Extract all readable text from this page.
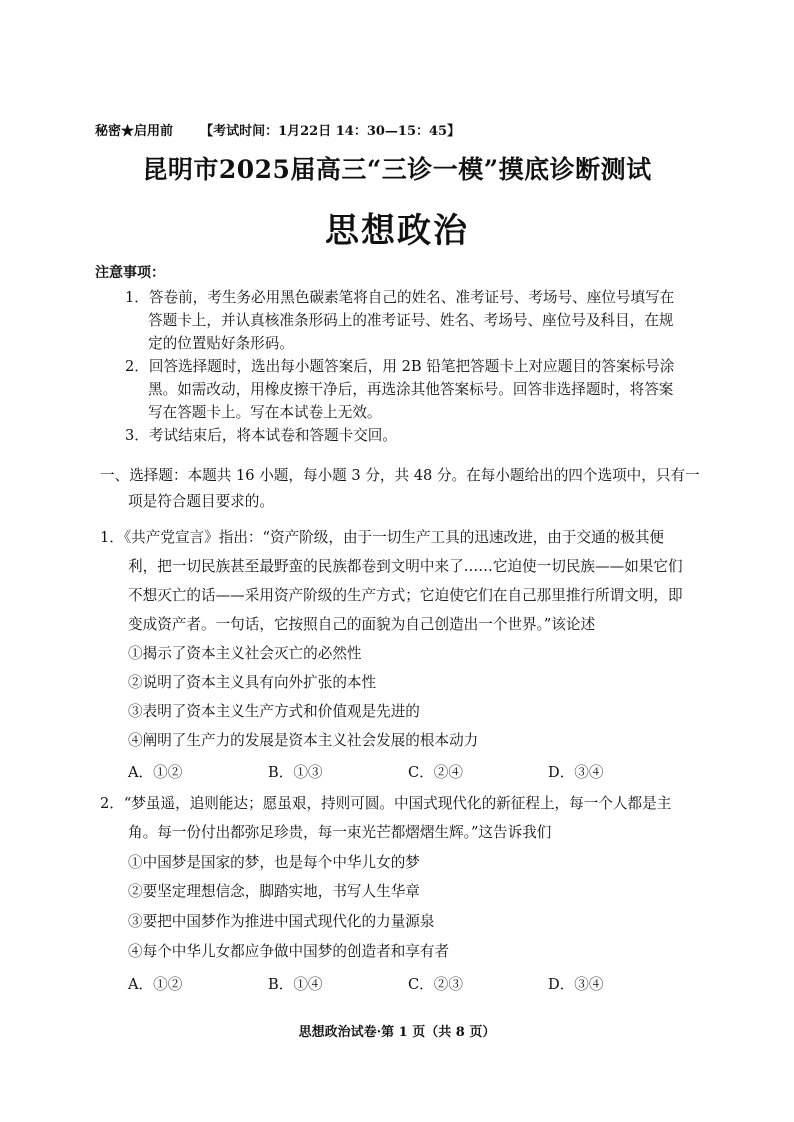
秘密★启用前 【考试时间：1月22日 14：30—15：45】
昆明市2025届高三“三诊一模”摸底诊断测试
思想政治
注意事项：
1．答卷前，考生务必用黑色碳素笔将自己的姓名、准考证号、考场号、座位号填写在
答题卡上，并认真核准条形码上的准考证号、姓名、考场号、座位号及科目，在规
定的位置贴好条形码。
2．回答选择题时，选出每小题答案后，用 2B 铅笔把答题卡上对应题目的答案标号涂
黑。如需改动，用橡皮擦干净后，再选涂其他答案标号。回答非选择题时，将答案
写在答题卡上。写在本试卷上无效。
3．考试结束后，将本试卷和答题卡交回。
一、选择题：本题共 16 小题，每小题 3 分，共 48 分。在每小题给出的四个选项中，只有一
项是符合题目要求的。
1．《共产党宣言》指出：“资产阶级，由于一切生产工具的迅速改进，由于交通的极其便
利，把一切民族甚至最野蛮的民族都卷到文明中来了……它迫使一切民族——如果它们
不想灭亡的话——采用资产阶级的生产方式；它迫使它们在自己那里推行所谓文明，即
变成资产者。一句话，它按照自己的面貌为自己创造出一个世界。”该论述
①揭示了资本主义社会灭亡的必然性
②说明了资本主义具有向外扩张的本性
③表明了资本主义生产方式和价值观是先进的
④阐明了生产力的发展是资本主义社会发展的根本动力
A．①②	B．①③	C．②④	D．③④
2．“梦虽遥，追则能达；愿虽艰，持则可圆。中国式现代化的新征程上，每一个人都是主
角。每一份付出都弥足珍贵，每一束光芒都熠熠生辉。”这告诉我们
①中国梦是国家的梦，也是每个中华儿女的梦
②要坚定理想信念，脚踏实地，书写人生华章
③要把中国梦作为推进中国式现代化的力量源泉
④每个中华儿女都应争做中国梦的创造者和享有者
A．①②	B．①④	C．②③	D．③④
思想政治试卷·第 1 页（共 8 页）
